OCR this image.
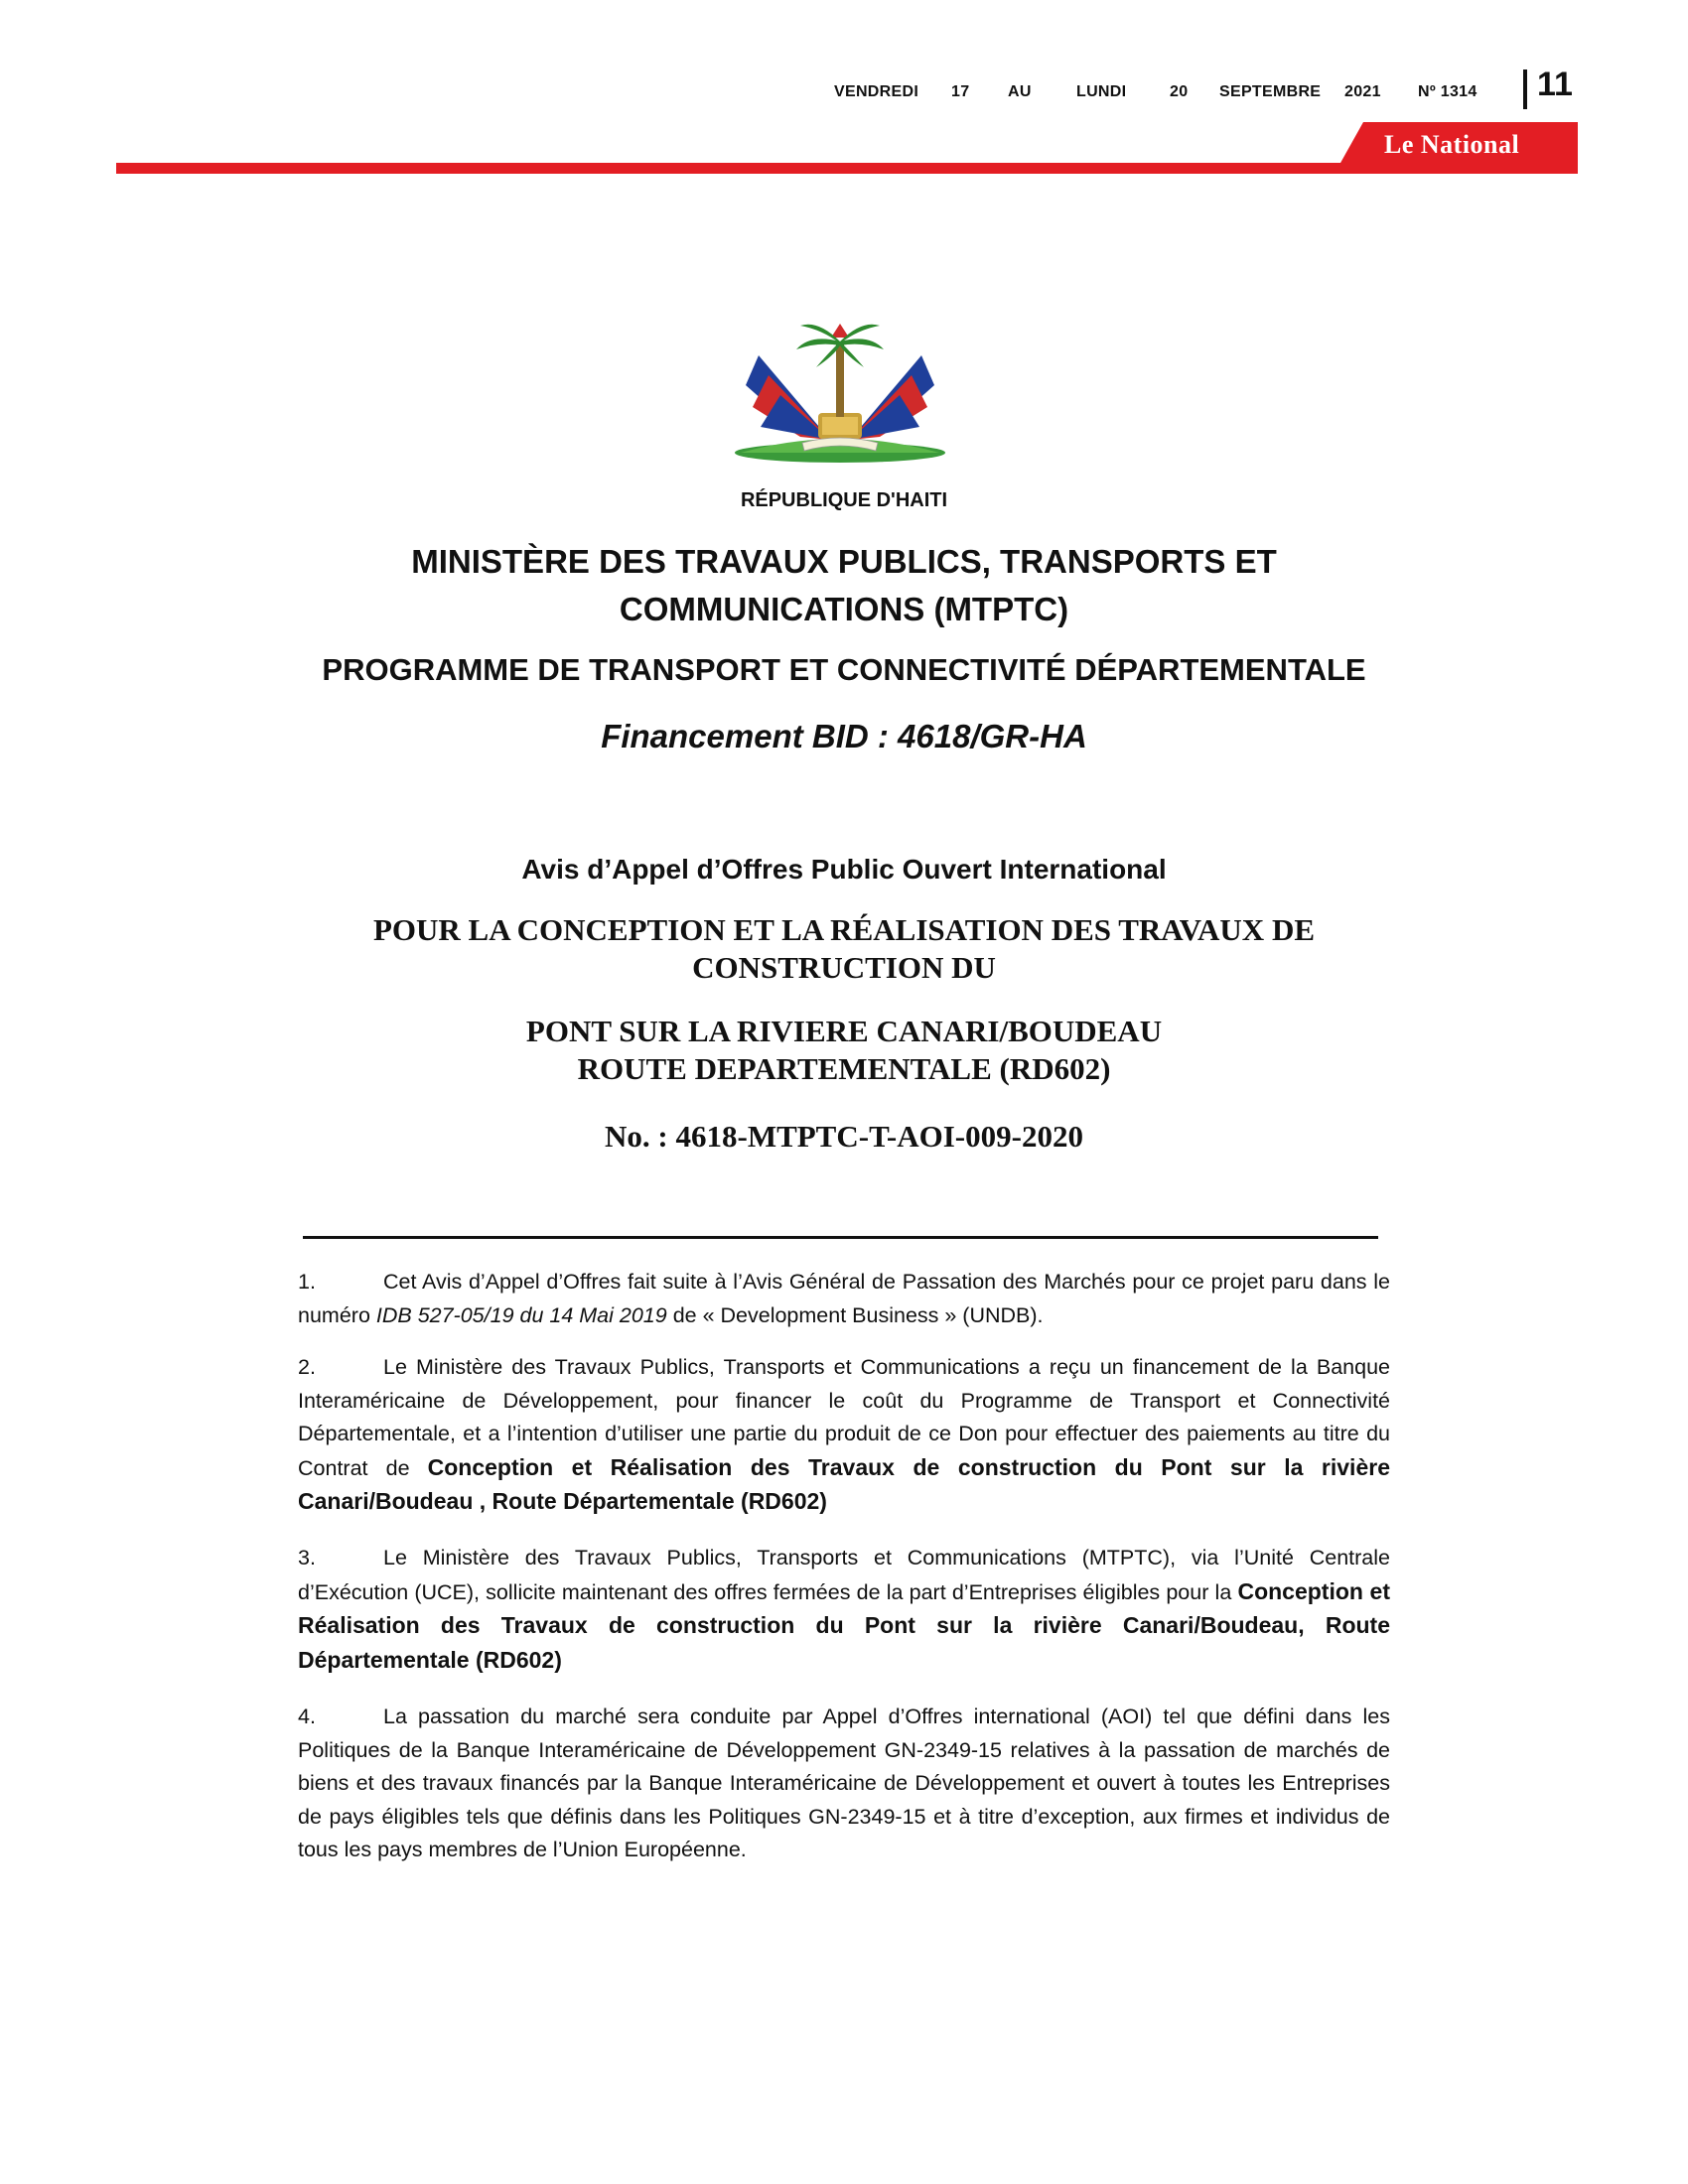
VENDREDI 17 AU	LUNDI	20 SEPTEMBRE 2021 Nº 1314 11
Le National
RÉPUBLIQUE D'HAITI
MINISTÈRE DES TRAVAUX PUBLICS, TRANSPORTS ET
COMMUNICATIONS (MTPTC)
PROGRAMME DE TRANSPORT ET CONNECTIVITÉ DÉPARTEMENTALE
Financement BID : 4618/GR-HA
Avis d’Appel d’Offres Public Ouvert International
POUR LA CONCEPTION ET LA RÉALISATION DES TRAVAUX DE
CONSTRUCTION DU
PONT SUR LA RIVIERE CANARI/BOUDEAU
ROUTE DEPARTEMENTALE (RD602)
No. : 4618-MTPTC-T-AOI-009-2020

1.	Cet Avis d’Appel d’Offres fait suite à l’Avis Général de Passation des Marchés pour ce projet paru dans le numéro IDB 527-05/19 du 14 Mai 2019 de « Development Business » (UNDB).

2.	Le Ministère des Travaux Publics, Transports et Communications a reçu un financement de la Banque Interaméricaine de Développement, pour financer le coût du Programme de Transport et Connectivité Départementale, et a l’intention d’utiliser une partie du produit de ce Don pour effectuer des paiements au titre du Contrat de Conception et Réalisation des Travaux de construction du Pont sur la rivière Canari/Boudeau , Route Départementale (RD602)

3.	Le Ministère des Travaux Publics, Transports et Communications (MTPTC), via l’Unité Centrale d’Exécution (UCE), sollicite maintenant des offres fermées de la part d’Entreprises éligibles pour la Conception et Réalisation des Travaux de construction du Pont sur la rivière Canari/Boudeau, Route Départementale (RD602)

4.	La passation du marché sera conduite par Appel d’Offres international (AOI) tel que défini dans les Politiques de la Banque Interaméricaine de Développement GN-2349-15 relatives à la passation de marchés de biens et des travaux financés par la Banque Interaméricaine de Développement et ouvert à toutes les Entreprises de pays éligibles tels que définis dans les Politiques GN-2349-15 et à titre d’exception, aux firmes et individus de tous les pays membres de l’Union Européenne.
